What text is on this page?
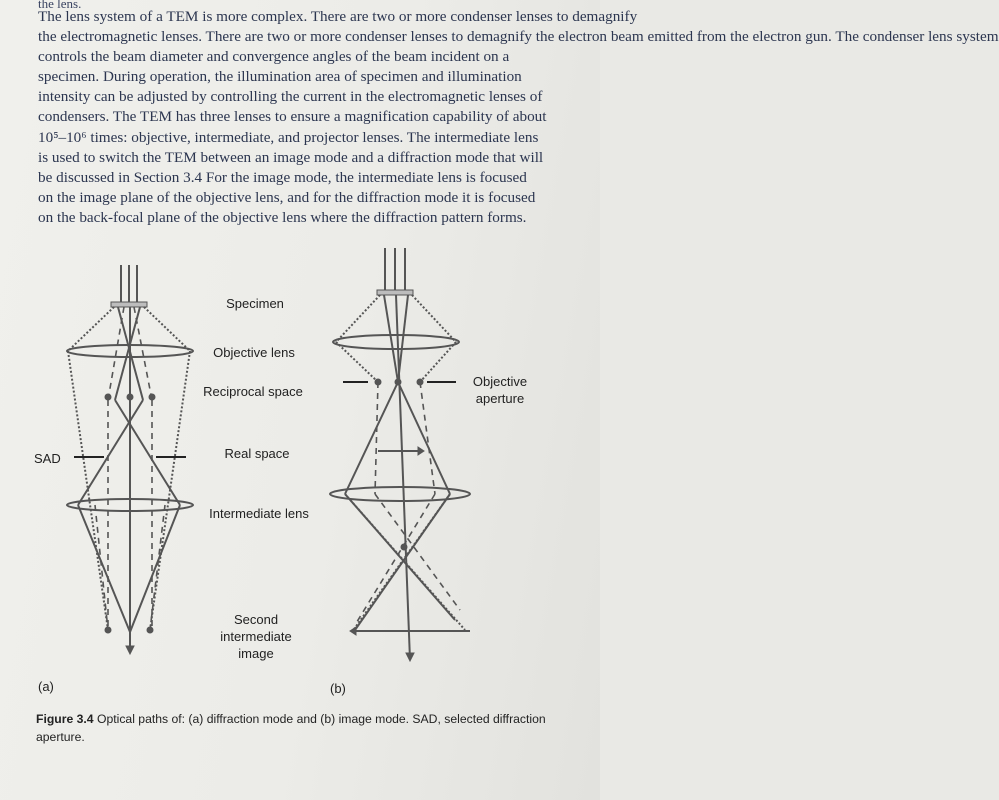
the lens.
The lens system of a TEM is more complex. There are two or more condenser lenses to demagnify
the electromagnetic lenses. There are two or more condenser lenses to demagnify the electron beam emitted from the electron gun. The condenser lens system
controls the beam diameter and convergence angles of the beam incident on a
specimen. During operation, the illumination area of specimen and illumination
intensity can be adjusted by controlling the current in the electromagnetic lenses of
condensers. The TEM has three lenses to ensure a magnification capability of about
10⁵–10⁶ times: objective, intermediate, and projector lenses. The intermediate lens
is used to switch the TEM between an image mode and a diffraction mode that will
be discussed in Section 3.4 For the image mode, the intermediate lens is focused
on the image plane of the objective lens, and for the diffraction mode it is focused
on the back-focal plane of the objective lens where the diffraction pattern forms.
Specimen
Objective lens
Reciprocal space
Real space
Intermediate lens
Second intermediate image
SAD
Objective aperture
(a)	(b)
Figure 3.4 Optical paths of: (a) diffraction mode and (b) image mode. SAD, selected diffraction aperture.
